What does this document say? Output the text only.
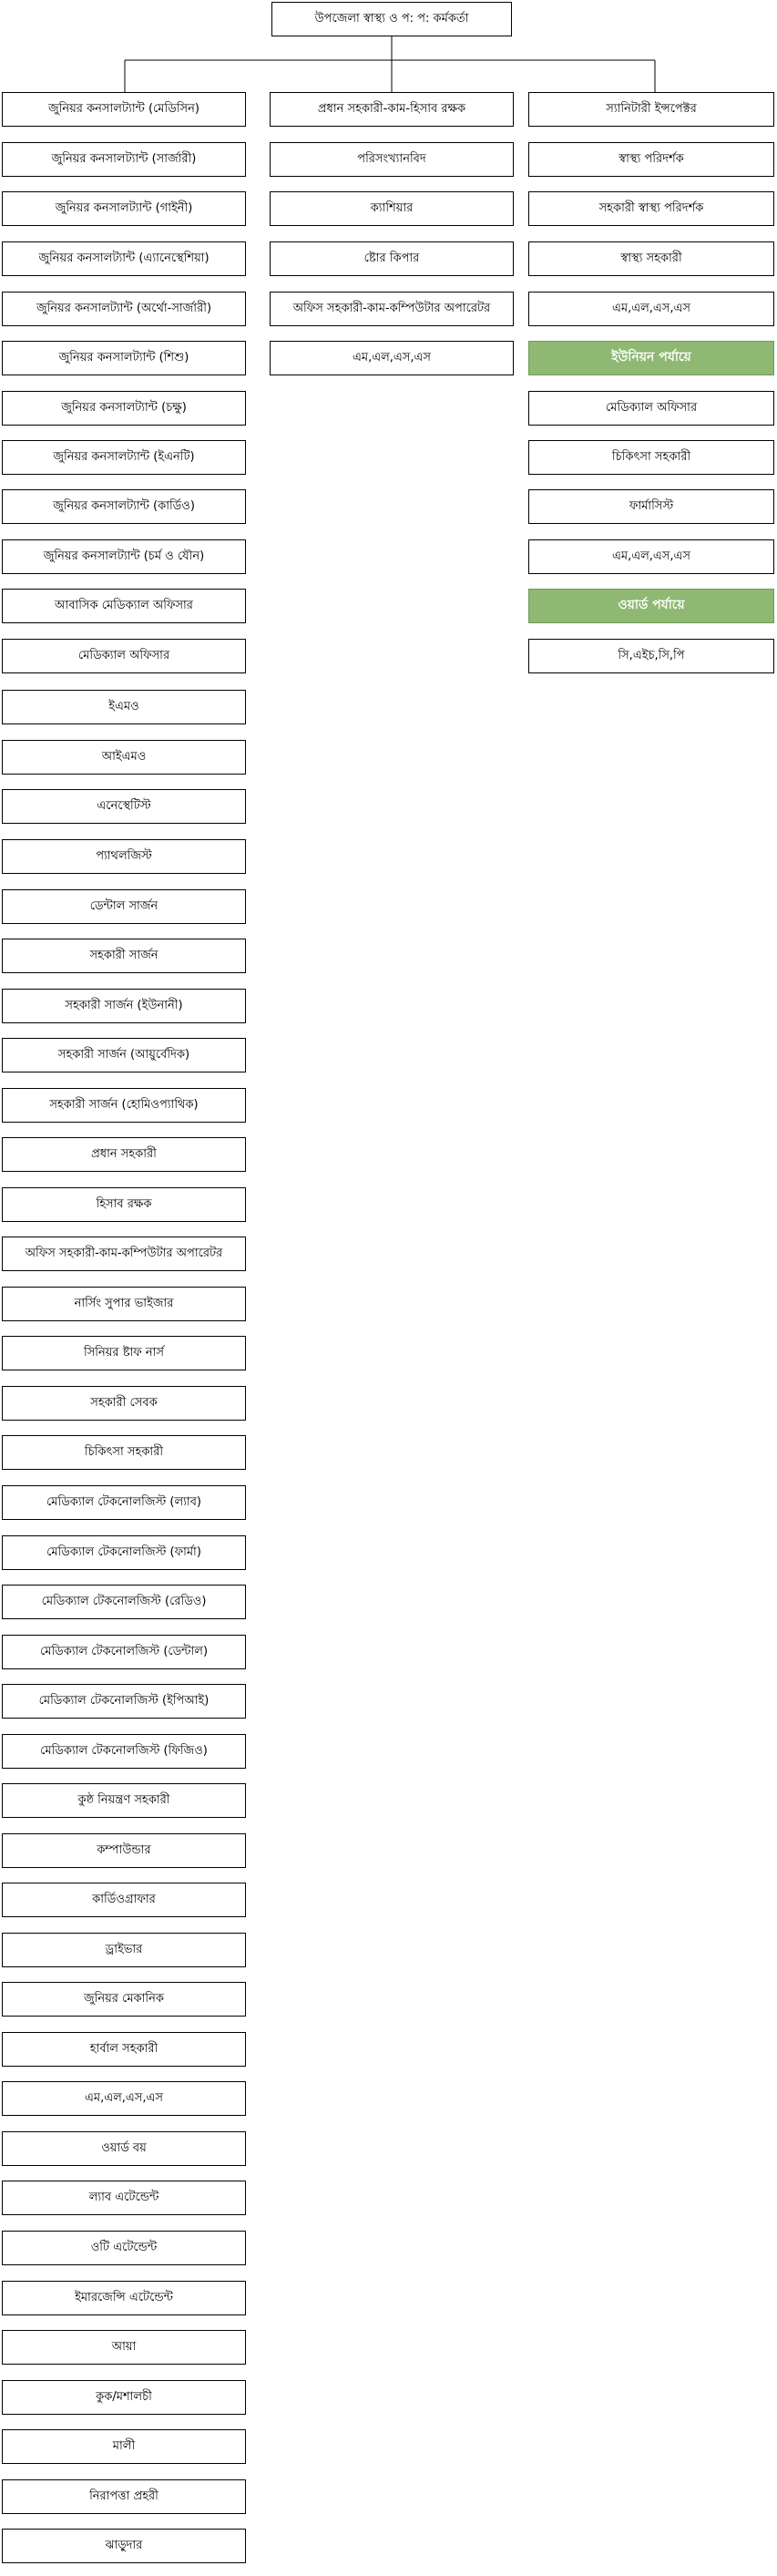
উপজেলা স্বাস্থ্য ও প: প: কর্মকর্তা
জুনিয়র কনসালট্যান্ট (মেডিসিন)
জুনিয়র কনসালট্যান্ট (সার্জারী)
জুনিয়র কনসালট্যান্ট (গাইনী)
জুনিয়র কনসালট্যান্ট (এ্যানেস্থেশিয়া)
জুনিয়র কনসালট্যান্ট (অর্থো-সার্জারী)
জুনিয়র কনসালট্যান্ট (শিশু)
জুনিয়র কনসালট্যান্ট (চক্ষু)
জুনিয়র কনসালট্যান্ট (ইএনটি)
জুনিয়র কনসালট্যান্ট (কার্ডিও)
জুনিয়র কনসালট্যান্ট (চর্ম ও যৌন)
আবাসিক মেডিক্যাল অফিসার
মেডিক্যাল অফিসার
ইএমও
আইএমও
এনেস্থেটিস্ট
প্যাথলজিস্ট
ডেন্টাল সার্জন
সহকারী সার্জন
সহকারী সার্জন (ইউনানী)
সহকারী সার্জন (আয়ুর্বেদিক)
সহকারী সার্জন (হোমিওপ্যাথিক)
প্রধান সহকারী
হিসাব রক্ষক
অফিস সহকারী-কাম-কম্পিউটার অপারেটর
নার্সিং সুপার ভাইজার
সিনিয়র ষ্টাফ নার্স
সহকারী সেবক
চিকিৎসা সহকারী
মেডিক্যাল টেকনোলজিস্ট (ল্যাব)
মেডিক্যাল টেকনোলজিস্ট (ফার্মা)
মেডিক্যাল টেকনোলজিস্ট (রেডিও)
মেডিক্যাল টেকনোলজিস্ট (ডেন্টাল)
মেডিক্যাল টেকনোলজিস্ট (ইপিআই)
মেডিক্যাল টেকনোলজিস্ট (ফিজিও)
কুষ্ঠ নিয়ন্ত্রণ সহকারী
কম্পাউন্ডার
কার্ডিওগ্রাফার
ড্রাইভার
জুনিয়র মেকানিক
হার্বাল সহকারী
এম,এল,এস,এস
ওয়ার্ড বয়
ল্যাব এটেন্ডেন্ট
ওটি এটেন্ডেন্ট
ইমারজেন্সি এটেন্ডেন্ট
আয়া
কুক/মশালচী
মালী
নিরাপত্তা প্রহরী
ঝাড়ুদার
প্রধান সহকারী-কাম-হিসাব রক্ষক
পরিসংখ্যানবিদ
ক্যাশিয়ার
ষ্টোর কিপার
অফিস সহকারী-কাম-কম্পিউটার অপারেটর
এম,এল,এস,এস
স্যানিটারী ইন্সপেক্টর
স্বাস্থ্য পরিদর্শক
সহকারী স্বাস্থ্য পরিদর্শক
স্বাস্থ্য সহকারী
এম,এল,এস,এস
ইউনিয়ন পর্যায়ে
মেডিক্যাল অফিসার
চিকিৎসা সহকারী
ফার্মাসিস্ট
এম,এল,এস,এস
ওয়ার্ড পর্যায়ে
সি,এইচ,সি,পি
